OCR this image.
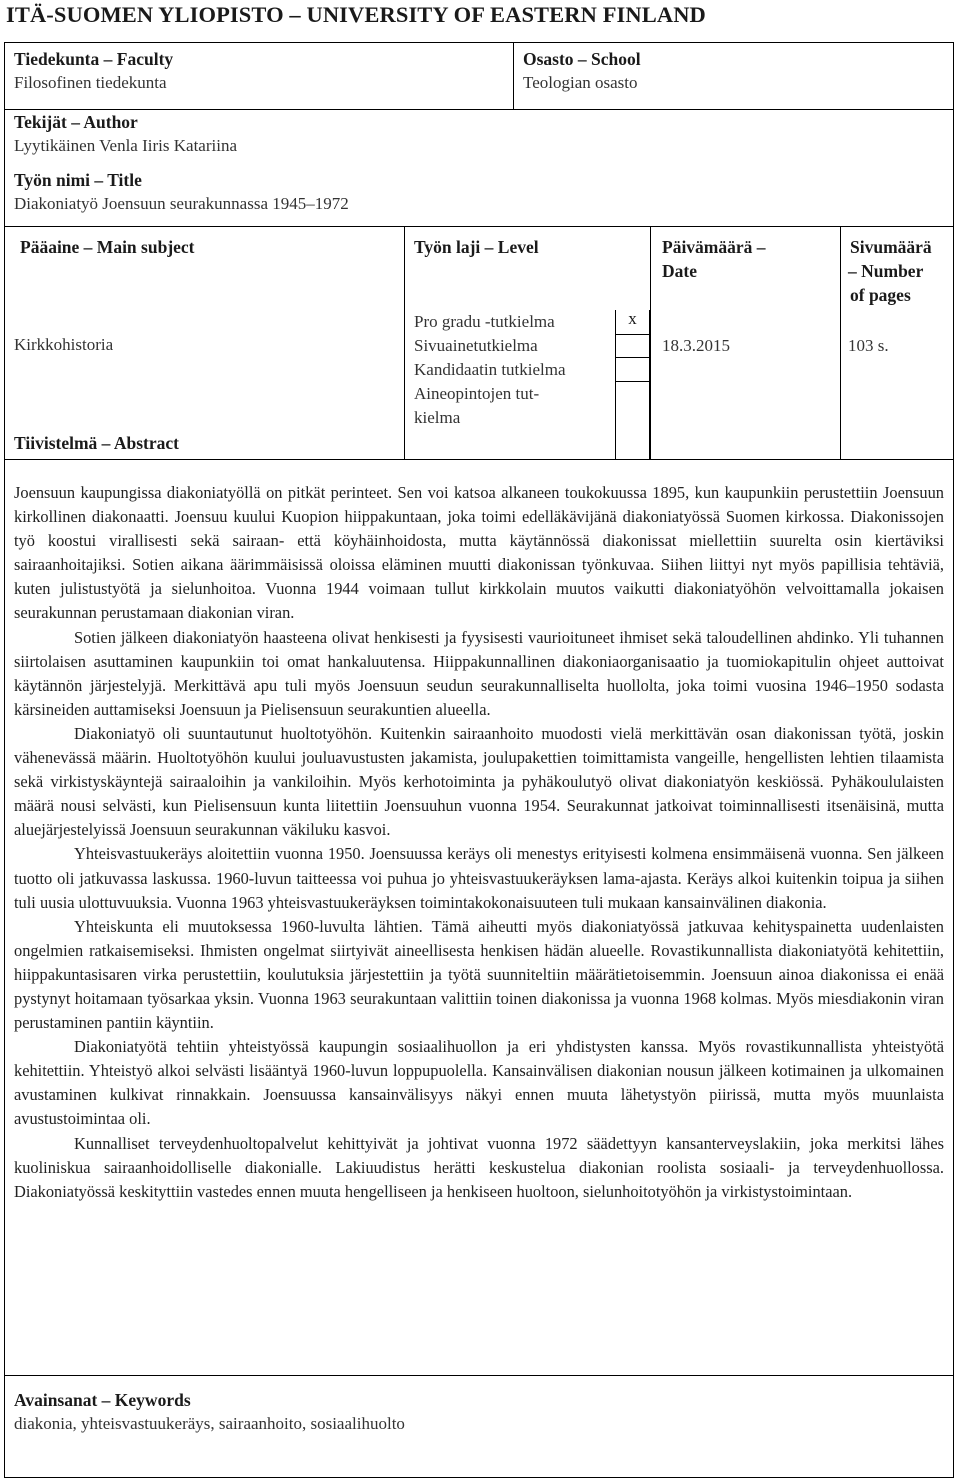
ITÄ-SUOMEN YLIOPISTO – UNIVERSITY OF EASTERN FINLAND
Tiedekunta – Faculty
Filosofinen tiedekunta
Osasto – School
Teologian osasto
Tekijät – Author
Lyytikäinen Venla Iiris Katariina
Työn nimi – Title
Diakoniatyö Joensuun seurakunnassa 1945–1972
Pääaine – Main subject
Kirkkohistoria
Työn laji – Level
Pro gradu -tutkielma
Sivuainetutkielma
Kandidaatin tutkielma
Aineopintojen tut-
kielma
x
Päivämäärä –
Date
18.3.2015
Sivumäärä
– Number
of pages
103 s.
Tiivistelmä – Abstract

Joensuun kaupungissa diakoniatyöllä on pitkät perinteet. Sen voi katsoa alkaneen toukokuussa 1895, kun kaupunkiin perustettiin Joensuun kirkollinen diakonaatti. Joensuu kuului Kuopion hiippakuntaan, joka toimi edelläkävijänä diakoniatyössä Suomen kirkossa. Diakonissojen työ koostui virallisesti sekä sairaan- että köyhäinhoidosta, mutta käytännössä diakonissat miellettiin suurelta osin kiertäviksi sairaanhoitajiksi. Sotien aikana äärimmäisissä oloissa eläminen muutti diakonissan työnkuvaa. Siihen liittyi nyt myös papillisia tehtäviä, kuten julistustyötä ja sielunhoitoa. Vuonna 1944 voimaan tullut kirkkolain muutos vaikutti diakoniatyöhön velvoittamalla jokaisen seurakunnan perustamaan diakonian viran.

Sotien jälkeen diakoniatyön haasteena olivat henkisesti ja fyysisesti vaurioituneet ihmiset sekä taloudellinen ahdinko. Yli tuhannen siirtolaisen asuttaminen kaupunkiin toi omat hankaluutensa. Hiippakunnallinen diakoniaorganisaatio ja tuomiokapitulin ohjeet auttoivat käytännön järjestelyjä. Merkittävä apu tuli myös Joensuun seudun seurakunnalliselta huollolta, joka toimi vuosina 1946–1950 sodasta kärsineiden auttamiseksi Joensuun ja Pielisensuun seurakuntien alueella.

Diakoniatyö oli suuntautunut huoltotyöhön. Kuitenkin sairaanhoito muodosti vielä merkittävän osan diakonissan työtä, joskin vähenevässä määrin. Huoltotyöhön kuului jouluavustusten jakamista, joulupakettien toimittamista vangeille, hengellisten lehtien tilaamista sekä virkistyskäyntejä sairaaloihin ja vankiloihin. Myös kerhotoiminta ja pyhäkoulutyö olivat diakoniatyön keskiössä. Pyhäkoululaisten määrä nousi selvästi, kun Pielisensuun kunta liitettiin Joensuuhun vuonna 1954. Seurakunnat jatkoivat toiminnallisesti itsenäisinä, mutta aluejärjestelyissä Joensuun seurakunnan väkiluku kasvoi.

Yhteisvastuukeräys aloitettiin vuonna 1950. Joensuussa keräys oli menestys erityisesti kolmena ensimmäisenä vuonna. Sen jälkeen tuotto oli jatkuvassa laskussa. 1960-luvun taitteessa voi puhua jo yhteisvastuukeräyksen lama-ajasta. Keräys alkoi kuitenkin toipua ja siihen tuli uusia ulottuvuuksia. Vuonna 1963 yhteisvastuukeräyksen toimintakokonaisuuteen tuli mukaan kansainvälinen diakonia.

Yhteiskunta eli muutoksessa 1960-luvulta lähtien. Tämä aiheutti myös diakoniatyössä jatkuvaa kehityspainetta uudenlaisten ongelmien ratkaisemiseksi. Ihmisten ongelmat siirtyivät aineellisesta henkisen hädän alueelle. Rovastikunnallista diakoniatyötä kehitettiin, hiippakuntasisaren virka perustettiin, koulutuksia järjestettiin ja työtä suunniteltiin määrätietoisemmin. Joensuun ainoa diakonissa ei enää pystynyt hoitamaan työsarkaa yksin. Vuonna 1963 seurakuntaan valittiin toinen diakonissa ja vuonna 1968 kolmas. Myös miesdiakonin viran perustaminen pantiin käyntiin.

Diakoniatyötä tehtiin yhteistyössä kaupungin sosiaalihuollon ja eri yhdistysten kanssa. Myös rovastikunnallista yhteistyötä kehitettiin. Yhteistyö alkoi selvästi lisääntyä 1960-luvun loppupuolella. Kansainvälisen diakonian nousun jälkeen kotimainen ja ulkomainen avustaminen kulkivat rinnakkain. Joensuussa kansainvälisyys näkyi ennen muuta lähetystyön piirissä, mutta myös muunlaista avustustoimintaa oli.

Kunnalliset terveydenhuoltopalvelut kehittyivät ja johtivat vuonna 1972 säädettyyn kansanterveyslakiin, joka merkitsi lähes kuoliniskua sairaanhoidolliselle diakonialle. Lakiuudistus herätti keskustelua diakonian roolista sosiaali- ja terveydenhuollossa. Diakoniatyössä keskityttiin vastedes ennen muuta hengelliseen ja henkiseen huoltoon, sielunhoitotyöhön ja virkistystoimintaan.

Avainsanat – Keywords
diakonia, yhteisvastuukeräys, sairaanhoito, sosiaalihuolto
